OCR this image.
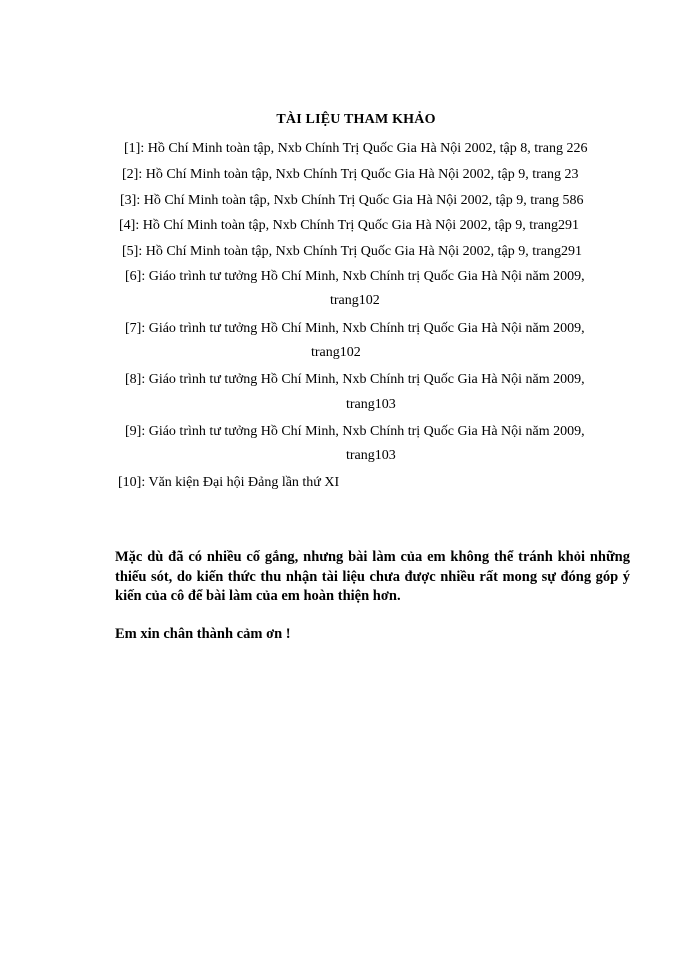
TÀI LIỆU THAM KHẢO
[1]: Hồ Chí Minh toàn tập, Nxb Chính Trị Quốc Gia Hà Nội 2002, tập 8, trang 226
[2]: Hồ Chí Minh toàn tập, Nxb Chính Trị Quốc Gia Hà Nội 2002, tập 9, trang 23
[3]: Hồ Chí Minh toàn tập, Nxb Chính Trị Quốc Gia Hà Nội 2002, tập 9, trang 586
[4]: Hồ Chí Minh toàn tập, Nxb Chính Trị Quốc Gia Hà Nội 2002, tập 9, trang291
[5]: Hồ Chí Minh toàn tập, Nxb Chính Trị Quốc Gia Hà Nội 2002, tập 9, trang291
[6]: Giáo trình tư tưởng Hồ Chí Minh, Nxb Chính trị Quốc Gia Hà Nội năm 2009,
trang102
[7]: Giáo trình tư tưởng Hồ Chí Minh, Nxb Chính trị Quốc Gia Hà Nội năm 2009,
trang102
[8]: Giáo trình tư tưởng Hồ Chí Minh, Nxb Chính trị Quốc Gia Hà Nội năm 2009,
trang103
[9]: Giáo trình tư tưởng Hồ Chí Minh, Nxb Chính trị Quốc Gia Hà Nội năm 2009,
trang103
[10]: Văn kiện Đại hội Đảng lần thứ XI
Mặc dù đã có nhiều cố gắng, nhưng bài làm của em không thể tránh khỏi những thiếu sót, do kiến thức thu nhận tài liệu chưa được nhiều rất mong sự đóng góp ý kiến của cô để bài làm của em hoàn thiện hơn.
Em xin chân thành cảm ơn !
